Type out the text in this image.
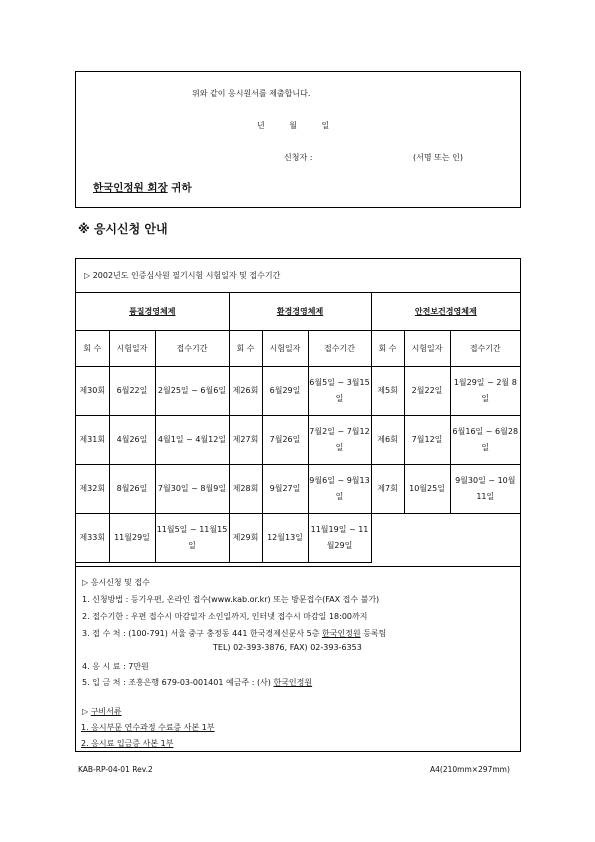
위와 같이 응시원서를 제출합니다.
년 월 일
신청자 :	(서명 또는 인)
한국인정원 회장 귀하
※ 응시신청 안내
▷ 2002년도 인증심사원 필기시험 시험일자 및 접수기간
품질경영체제			환경경영체제			안전보건경영체제		
회 수	시험일자	접수기간	회 수	시험일자	접수기간	회 수	시험일자	접수기간
제30회	6월22일	2월25일 ~ 6월6일	제26회	6월29일	6월5일 ~ 3월15일	제5회	2월22일	1월29일 ~ 2월 8일
제31회	4월26일	4월1일 ~ 4월12일	제27회	7월26일	7월2일 ~ 7월12일	제6회	7월12일	6월16일 ~ 6월28일
제32회	8월26일	7월30일 ~ 8월9일	제28회	9월27일	9월6일 ~ 9월13일	제7회	10월25일	9월30일 ~ 10월11일
제33회	11월29일	11월5일 ~ 11월15일	제29회	12월13일	11월19일 ~ 11월29일			
▷ 응시신청 및 접수
1. 신청방법 : 등기우편, 온라인 접수(www.kab.or.kr) 또는 방문접수(FAX 접수 불가)
2. 접수기한 : 우편 접수시 마감일자 소인일까지, 인터넷 접수시 마감일 18:00까지
3. 접 수 처 : (100-791) 서울 중구 충정동 441 한국경제신문사 5층 한국인정원 등록팀
TEL) 02-393-3876, FAX) 02-393-6353
4. 응 시 료 : 7만원
5. 입 금 처 : 조흥은행 679-03-001401 예금주 : (사) 한국인정원
▷ 구비서류
1. 응시부문 연수과정 수료증 사본 1부
2. 응시료 입금증 사본 1부
KAB-RP-04-01 Rev.2	A4(210mm×297mm)
